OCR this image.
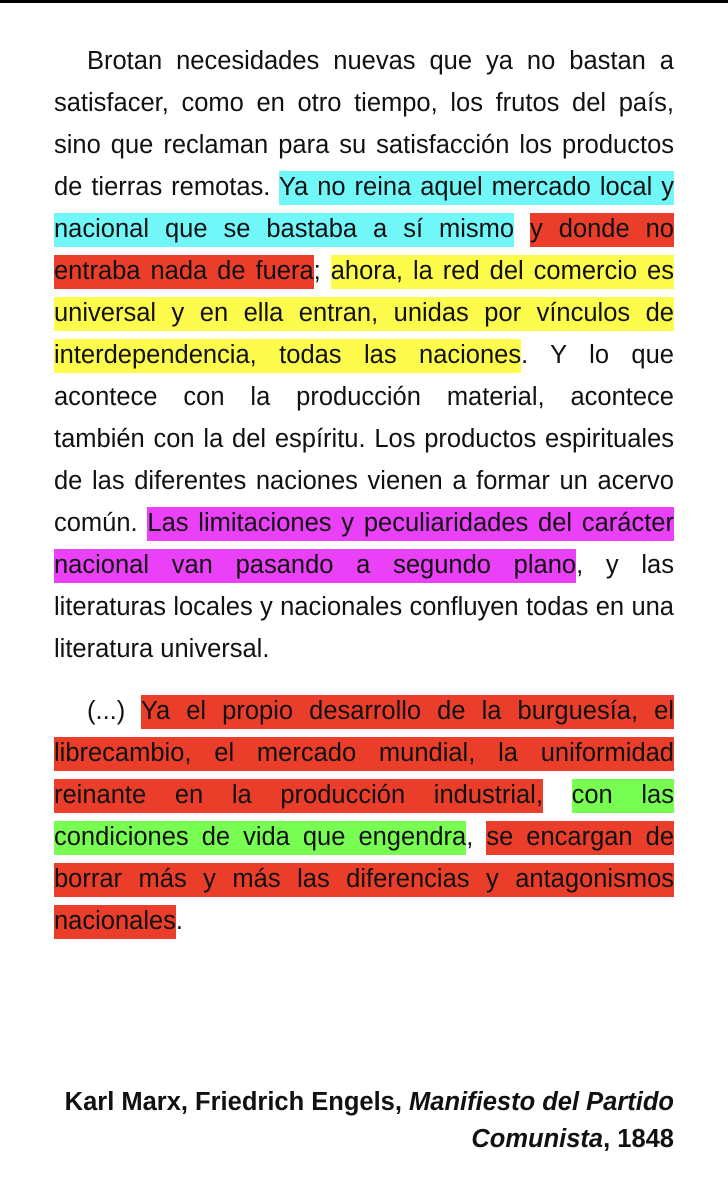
Brotan necesidades nuevas que ya no bastan a satisfacer, como en otro tiempo, los frutos del país, sino que reclaman para su satisfacción los productos de tierras remotas. Ya no reina aquel mercado local y nacional que se bastaba a sí mismo y donde no entraba nada de fuera; ahora, la red del comercio es universal y en ella entran, unidas por vínculos de interdependencia, todas las naciones. Y lo que acontece con la producción material, acontece también con la del espíritu. Los productos espirituales de las diferentes naciones vienen a formar un acervo común. Las limitaciones y peculiaridades del carácter nacional van pasando a segundo plano, y las literaturas locales y nacionales confluyen todas en una literatura universal.

(...) Ya el propio desarrollo de la burguesía, el librecambio, el mercado mundial, la uniformidad reinante en la producción industrial, con las condiciones de vida que engendra, se encargan de borrar más y más las diferencias y antagonismos nacionales.

Karl Marx, Friedrich Engels, Manifiesto del Partido Comunista, 1848
